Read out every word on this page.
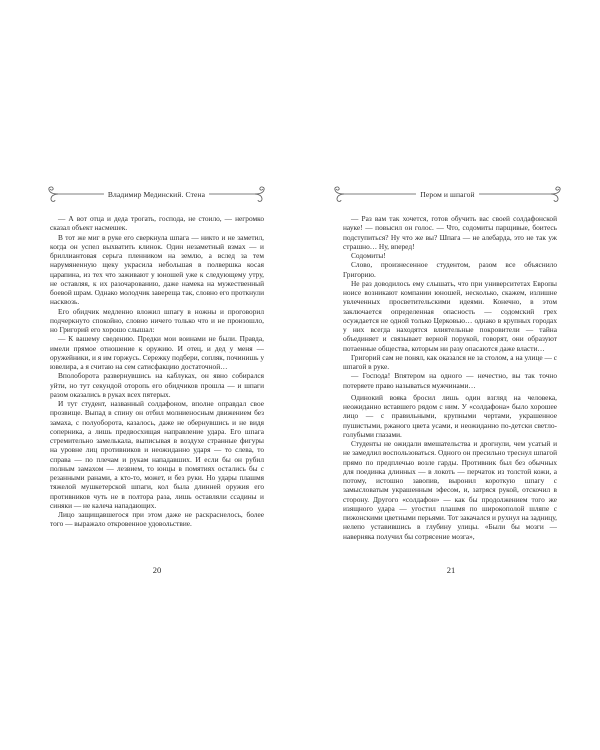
Владимир Мединский. Стена

— А вот отца и деда трогать, господа, не стоило, — негромко сказал объект насмешек.

В тот же миг в руке его сверкнула шпага — никто и не заметил, когда он успел выхватить клинок. Один незаметный взмах — и бриллиантовая серьга пленником на землю, а вслед за тем нарумяненную щеку украсила небольшая в полвершка косая царапина, из тех что заживают у юношей уже к следующему утру, не оставляя, к их разочарованию, даже намека на мужественный боевой шрам. Однако молодчик завереща так, словно его проткнули насквозь.

Его обидчик медленно вложил шпагу в ножны и проговорил подчеркнуто спокойно, словно ничего только что и не произошло, но Григорий его хорошо слышал:

— К вашему сведению. Предки мои воинами не были. Правда, имели прямое отношение к оружию. И отец, и дед у меня — оружейники, и я им горжусь. Сережку подбери, сопляк, починишь у ювелира, а я считаю на сем сатисфакцию достаточной…

Вполоборота развернувшись на каблуках, он явно собирался уйти, но тут секундой оторопь его обидчиков прошла — и шпаги разом оказались в руках всех пятерых.

И тут студент, названный солдафоном, вполне оправдал свое прозвище. Выпад в спину он отбил молниеносным движением без замаха, с полуоборота, казалось, даже не обернувшись и не видя соперника, а лишь предвосхищая направление удара. Его шпага стремительно замелькала, выписывая в воздухе странные фигуры на уровне лиц противников и неожиданно ударя — то слева, то справа — по плечам и рукам нападавших. И если бы он рубил полным замахом — лезвием, то юнцы в помятиях остались бы с резанными ранами, а кто-то, может, и без руки. Но удары плашмя тяжелой мушкетерской шпаги, кол была длинней оружия его противников чуть не в полтора раза, лишь оставляли ссадины и синяки — не калеча нападающих.

Лицо защищавшегося при этом даже не раскраснелось, более того — выражало откровенное удовольствие.

20
Пером и шпагой

— Раз вам так хочется, готов обучить вас своей солдафонской науке! — повысил он голос. — Что, содомиты парщивые, боитесь подступиться? Ну что же вы? Шпага — не алебарда, это не так уж страшно… Ну, вперед!

Содомиты!

Слово, произнесенное студентом, разом все объяснило Григорию.

Не раз доводилось ему слышать, что при университетах Европы ноисе возникают компании юношей, несколько, скажем, излишне увлеченных просветительскими идеями. Конечно, в этом заключается определенная опасность — содомский грех осуждается не одной только Церковью… однако в крупных городах у них всегда находятся влиятельные покровители — тайна объединяет и связывает верной порукой, говорят, они образуют потаенные общества, которым ни разу опасаются даже власти…

Григорий сам не понял, как оказался не за столом, а на улице — с шпагой в руке.

— Господа! Впятером на одного — нечестно, вы так точно потеряете право называться мужчинами…

Одинокий вояка бросил лишь один взгляд на человека, неожиданно вставшего рядом с ним. У «солдафона» было хорошее лицо — с правильными, крупными чертами, украшенное пушистыми, ржаного цвета усами, и неожиданно по-детски светло-голубыми глазами.

Студенты не ожидали вмешательства и дрогнули, чем усатый и не замедлил воспользоваться. Одного он пресильно треснул шпагой прямо по предплечью возле гарды. Противник был без обычных для поединка длинных — в локоть — перчаток из толстой кожи, а потому, истошно завопив, выронил короткую шпагу с замысловатым украшенным эфесом, и, затряся рукой, отскочил в сторону. Другого «солдафон» — как бы продолжением того же изящного удара — угостил плашмя по широкополой шляпе с пижонскими цветными перьями. Тот закачался и рухнул на задницу, нелепо уставившись в глубину улицы. «Были бы мозги — наверняка получил бы сотрясение мозга»,

21
